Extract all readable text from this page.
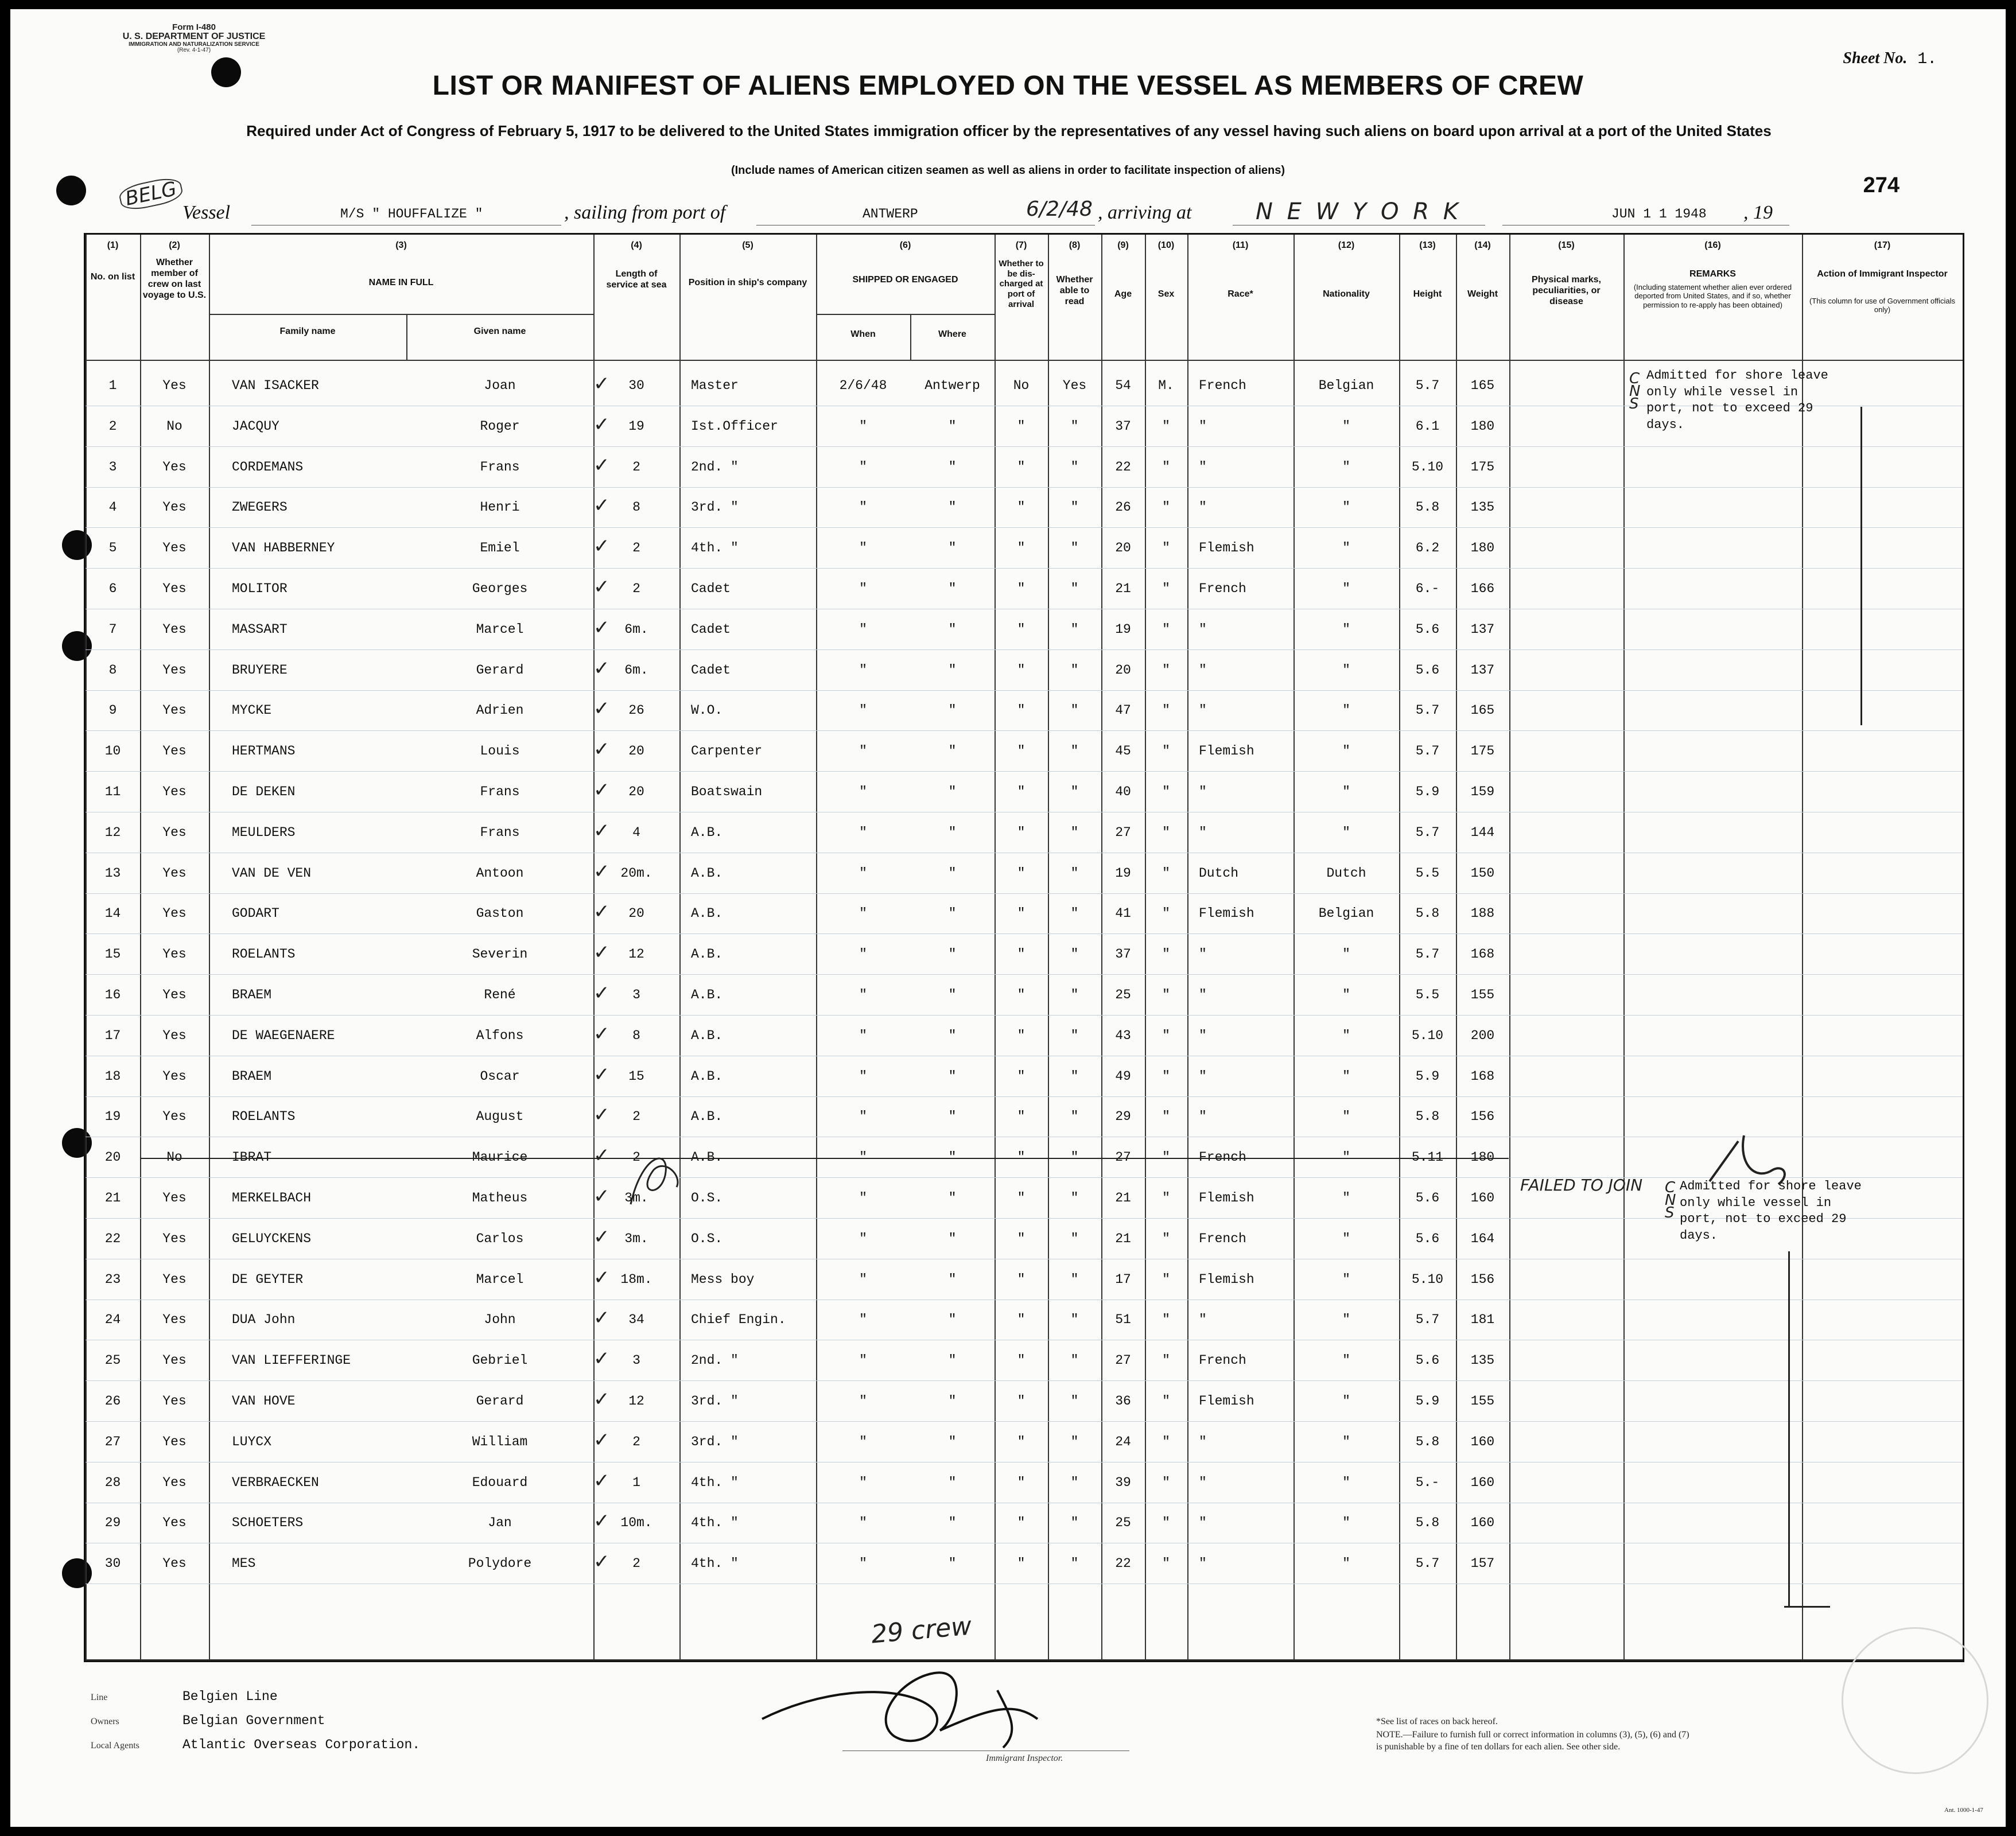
Form I-480
U. S. DEPARTMENT OF JUSTICE
IMMIGRATION AND NATURALIZATION SERVICE
(Rev. 4-1-47)	Sheet No. 1.
LIST OR MANIFEST OF ALIENS EMPLOYED ON THE VESSEL AS MEMBERS OF CREW
Required under Act of Congress of February 5, 1917 to be delivered to the United States immigration officer by the representatives of any vessel having such aliens on board upon arrival at a port of the United States
(Include names of American citizen seamen as well as aliens in order to facilitate inspection of aliens)
274
BELG
Vessel	M/S " HOUFFALIZE "	, sailing from port of	ANTWERP	6/2/48 , arriving at	N E W Y O R K	JUN 1 1 1948 , 19
(1)	(2)	(3)	(4)	(5)	(6)	(7)	(8)	(9)	(10)	(11)	(12)	(13)	(14)	(15)	(16)	(17)
No. on list
Whether member of crew on last voyage to U.S.
NAME IN FULL
Family name	Given name
Length of service at sea	Position in ship's company	SHIPPED OR ENGAGED
When	Where
Whether to be dis-charged at port of arrival
Whether able to read
Age	Sex	Race*	Nationality	Height	Weight
Physical marks, peculiarities, or disease
REMARKS
(Including statement whether alien ever ordered deported from United States, and if so, whether permission to re-apply has been obtained)
Action of Immigrant Inspector
(This column for use of Government officials only)
1	Yes	VAN ISACKER	Joan	30	Master	2/6/48	Antwerp	No	Yes	54	M.	French	Belgian	5.7	165
✓
2	No	JACQUY	Roger	19	Ist.Officer	"	"	"	"	37	"	"	"	6.1	180
✓
3	Yes	CORDEMANS	Frans	2	2nd. "	"	"	"	"	22	"	"	"	5.10	175
✓
4	Yes	ZWEGERS	Henri	8	3rd. "	"	"	"	"	26	"	"	"	5.8	135
✓
5	Yes	VAN HABBERNEY	Emiel	2	4th. "	"	"	"	"	20	"	Flemish	"	6.2	180
✓
6	Yes	MOLITOR	Georges	2	Cadet	"	"	"	"	21	"	French	"	6.-	166
✓
7	Yes	MASSART	Marcel	6m.	Cadet	"	"	"	"	19	"	"	"	5.6	137
✓
8	Yes	BRUYERE	Gerard	6m.	Cadet	"	"	"	"	20	"	"	"	5.6	137
✓
9	Yes	MYCKE	Adrien	26	W.O.	"	"	"	"	47	"	"	"	5.7	165
✓
10	Yes	HERTMANS	Louis	20	Carpenter	"	"	"	"	45	"	Flemish	"	5.7	175
✓
11	Yes	DE DEKEN	Frans	20	Boatswain	"	"	"	"	40	"	"	"	5.9	159
✓
12	Yes	MEULDERS	Frans	4	A.B.	"	"	"	"	27	"	"	"	5.7	144
✓
13	Yes	VAN DE VEN	Antoon	20m.	A.B.	"	"	"	"	19	"	Dutch	Dutch	5.5	150
✓
14	Yes	GODART	Gaston	20	A.B.	"	"	"	"	41	"	Flemish	Belgian	5.8	188
✓
15	Yes	ROELANTS	Severin	12	A.B.	"	"	"	"	37	"	"	"	5.7	168
✓
16	Yes	BRAEM	René	3	A.B.	"	"	"	"	25	"	"	"	5.5	155
✓
17	Yes	DE WAEGENAERE	Alfons	8	A.B.	"	"	"	"	43	"	"	"	5.10	200
✓
18	Yes	BRAEM	Oscar	15	A.B.	"	"	"	"	49	"	"	"	5.9	168
✓
19	Yes	ROELANTS	August	2	A.B.	"	"	"	"	29	"	"	"	5.8	156
✓
20	No	IBRAT	Maurice	2	A.B.	"	"	"	"	27	"	French	"	5.11	180
✓
21	Yes	MERKELBACH	Matheus	3m.	O.S.	"	"	"	"	21	"	Flemish	"	5.6	160
✓
22	Yes	GELUYCKENS	Carlos	3m.	O.S.	"	"	"	"	21	"	French	"	5.6	164
✓
23	Yes	DE GEYTER	Marcel	18m.	Mess boy	"	"	"	"	17	"	Flemish	"	5.10	156
✓
24	Yes	DUA John	John	34	Chief Engin.	"	"	"	"	51	"	"	"	5.7	181
✓
25	Yes	VAN LIEFFERINGE	Gebriel	3	2nd. "	"	"	"	"	27	"	French	"	5.6	135
✓
26	Yes	VAN HOVE	Gerard	12	3rd. "	"	"	"	"	36	"	Flemish	"	5.9	155
✓
27	Yes	LUYCX	William	2	3rd. "	"	"	"	"	24	"	"	"	5.8	160
✓
28	Yes	VERBRAECKEN	Edouard	1	4th. "	"	"	"	"	39	"	"	"	5.-	160
✓
29	Yes	SCHOETERS	Jan	10m.	4th. "	"	"	"	"	25	"	"	"	5.8	160
✓
30	Yes	MES	Polydore	2	4th. "	"	"	"	"	22	"	"	"	5.7	157
✓
Admitted for shore leave only while vessel in port, not to exceed 29 days.
C
N
S
FAILED TO JOIN	Admitted for shore leave only while vessel in port, not to exceed 29 days.
C
N
S
29 crew
Immigrant Inspector.
Line	Belgien Line
Owners	Belgian Government
Local Agents	Atlantic Overseas Corporation.
*See list of races on back hereof.
NOTE.—Failure to furnish full or correct information in columns (3), (5), (6) and (7) is punishable by a fine of ten dollars for each alien. See other side.
Ant. 1000-1-47
